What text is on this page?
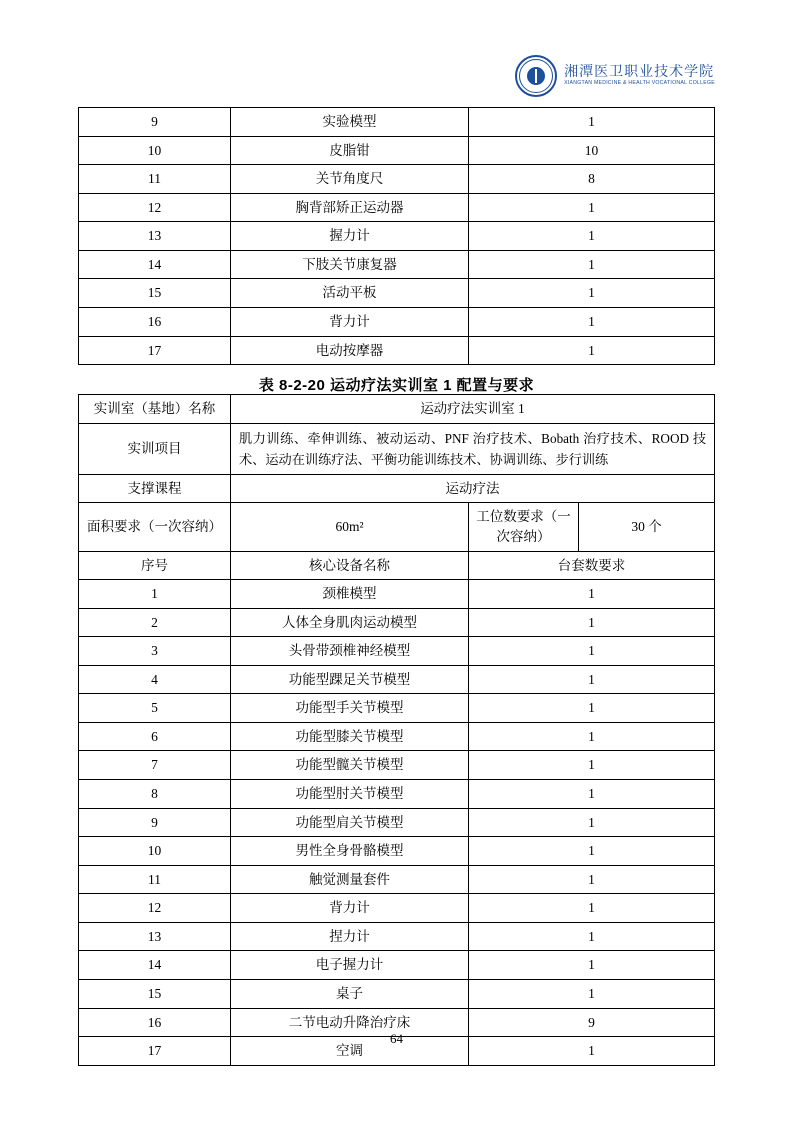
湘潭医卫职业技术学院
XIANGTAN MEDICINE & HEALTH VOCATIONAL COLLEGE
9	实验模型	1
10	皮脂钳	10
11	关节角度尺	8
12	胸背部矫正运动器	1
13	握力计	1
14	下肢关节康复器	1
15	活动平板	1
16	背力计	1
17	电动按摩器	1
表 8-2-20 运动疗法实训室 1 配置与要求
实训室（基地）名称	运动疗法实训室 1		
实训项目	肌力训练、牵伸训练、被动运动、PNF 治疗技术、Bobath 治疗技术、ROOD 技术、运动在训练疗法、平衡功能训练技术、协调训练、步行训练		
支撑课程	运动疗法		
面积要求（一次容纳）	60m²	工位数要求（一次容纳）	30 个
序号	核心设备名称	台套数要求	
1	颈椎模型	1	
2	人体全身肌肉运动模型	1	
3	头骨带颈椎神经模型	1	
4	功能型踝足关节模型	1	
5	功能型手关节模型	1	
6	功能型膝关节模型	1	
7	功能型髋关节模型	1	
8	功能型肘关节模型	1	
9	功能型肩关节模型	1	
10	男性全身骨骼模型	1	
11	触觉测量套件	1	
12	背力计	1	
13	捏力计	1	
14	电子握力计	1	
15	桌子	1	
16	二节电动升降治疗床	9	
17	空调	1	
64
